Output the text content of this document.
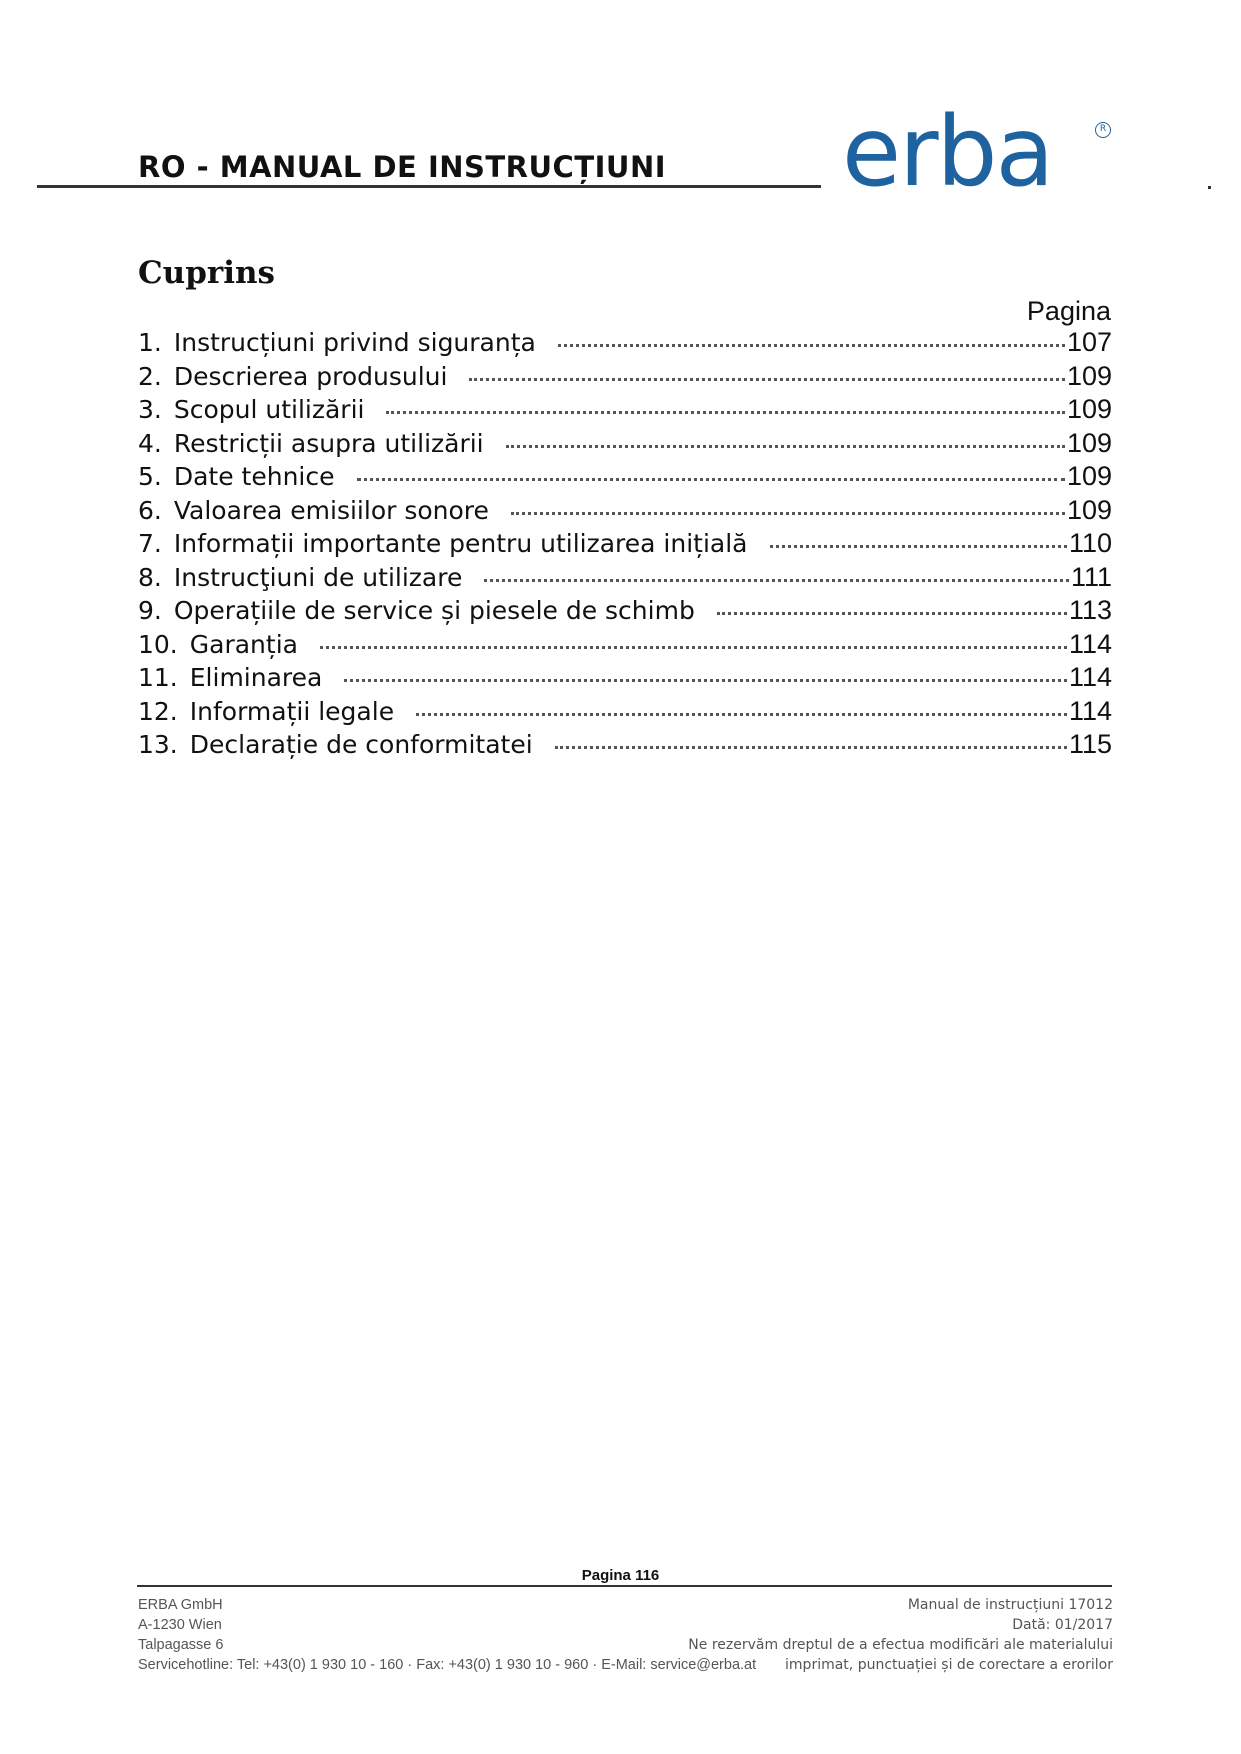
RO - MANUAL DE INSTRUCȚIUNI erba	R
Cuprins
Pagina
1. Instrucțiuni privind siguranța	107
2. Descrierea produsului	109
3. Scopul utilizării	109
4. Restricții asupra utilizării	109
5. Date tehnice	109
6. Valoarea emisiilor sonore	109
7. Informații importante pentru utilizarea inițială	110
8. Instrucţiuni de utilizare	111
9. Operațiile de service și piesele de schimb	113
10. Garanția	114
11. Eliminarea	114
12. Informații legale	114
13. Declarație de conformitatei	115
Pagina 116
ERBA GmbH
A-1230 Wien
Talpagasse 6
Servicehotline: Tel: +43(0) 1 930 10 - 160 · Fax: +43(0) 1 930 10 - 960 · E-Mail: service@erba.at
Manual de instrucțiuni 17012
Dată: 01/2017
Ne rezervăm dreptul de a efectua modificări ale materialului
imprimat, punctuației și de corectare a erorilor
